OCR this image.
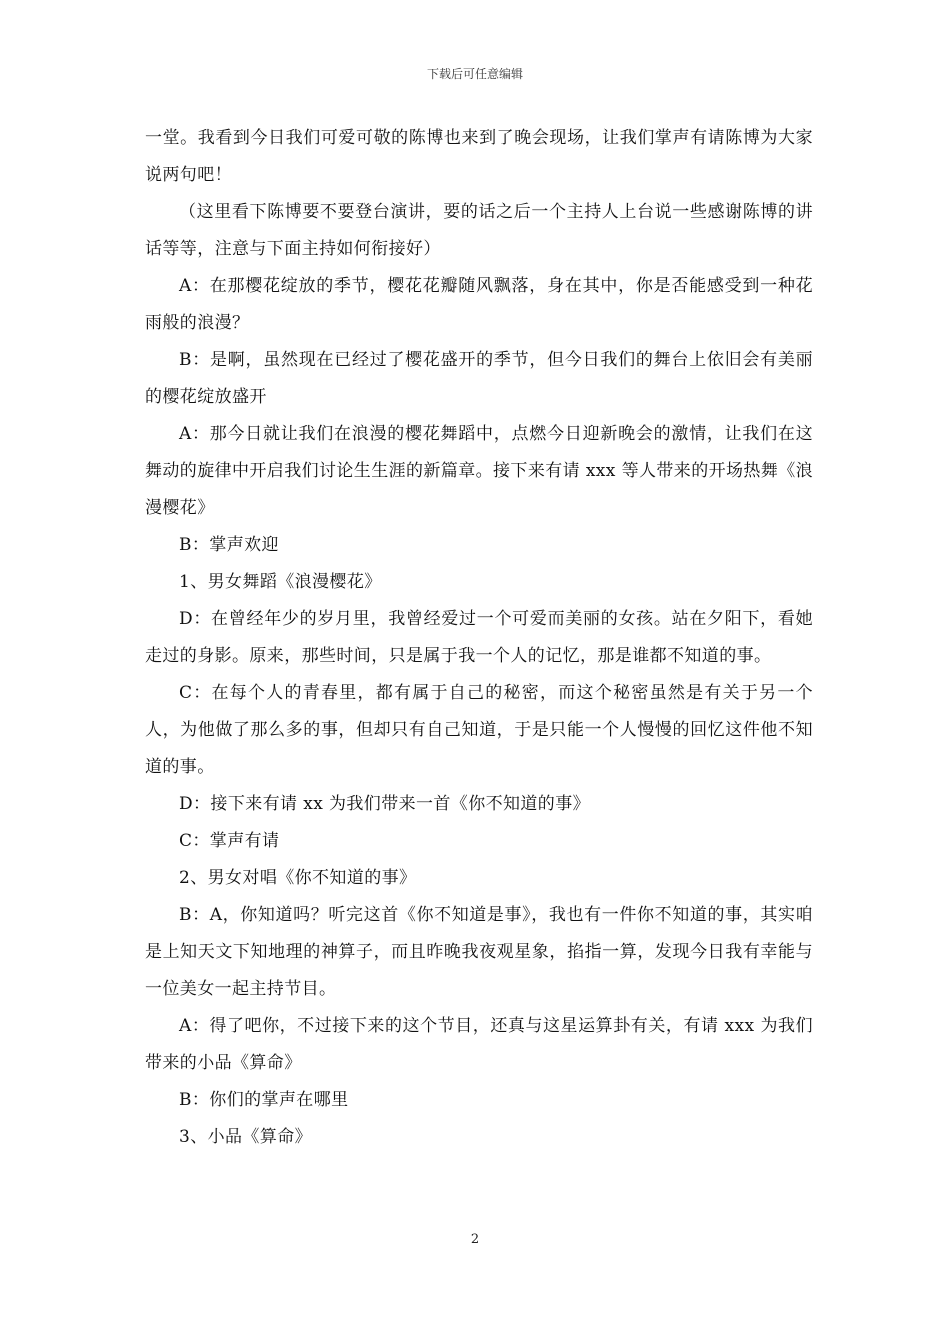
下载后可任意编辑

一堂。我看到今日我们可爱可敬的陈博也来到了晚会现场，让我们掌声有请陈博为大家说两句吧！

（这里看下陈博要不要登台演讲，要的话之后一个主持人上台说一些感谢陈博的讲话等等，注意与下面主持如何衔接好）

A：在那樱花绽放的季节，樱花花瓣随风飘落，身在其中，你是否能感受到一种花雨般的浪漫？

B：是啊，虽然现在已经过了樱花盛开的季节，但今日我们的舞台上依旧会有美丽的樱花绽放盛开

A：那今日就让我们在浪漫的樱花舞蹈中，点燃今日迎新晚会的激情，让我们在这舞动的旋律中开启我们讨论生生涯的新篇章。接下来有请 xxx 等人带来的开场热舞《浪漫樱花》

B：掌声欢迎

1、男女舞蹈《浪漫樱花》

D：在曾经年少的岁月里，我曾经爱过一个可爱而美丽的女孩。站在夕阳下，看她走过的身影。原来，那些时间，只是属于我一个人的记忆，那是谁都不知道的事。

C：在每个人的青春里，都有属于自己的秘密，而这个秘密虽然是有关于另一个人，为他做了那么多的事，但却只有自己知道，于是只能一个人慢慢的回忆这件他不知道的事。

D：接下来有请 xx 为我们带来一首《你不知道的事》

C：掌声有请

2、男女对唱《你不知道的事》

B：A，你知道吗？听完这首《你不知道是事》，我也有一件你不知道的事，其实咱是上知天文下知地理的神算子，而且昨晚我夜观星象，掐指一算，发现今日我有幸能与一位美女一起主持节目。

A：得了吧你，不过接下来的这个节目，还真与这星运算卦有关，有请 xxx 为我们带来的小品《算命》

B：你们的掌声在哪里

3、小品《算命》

2
